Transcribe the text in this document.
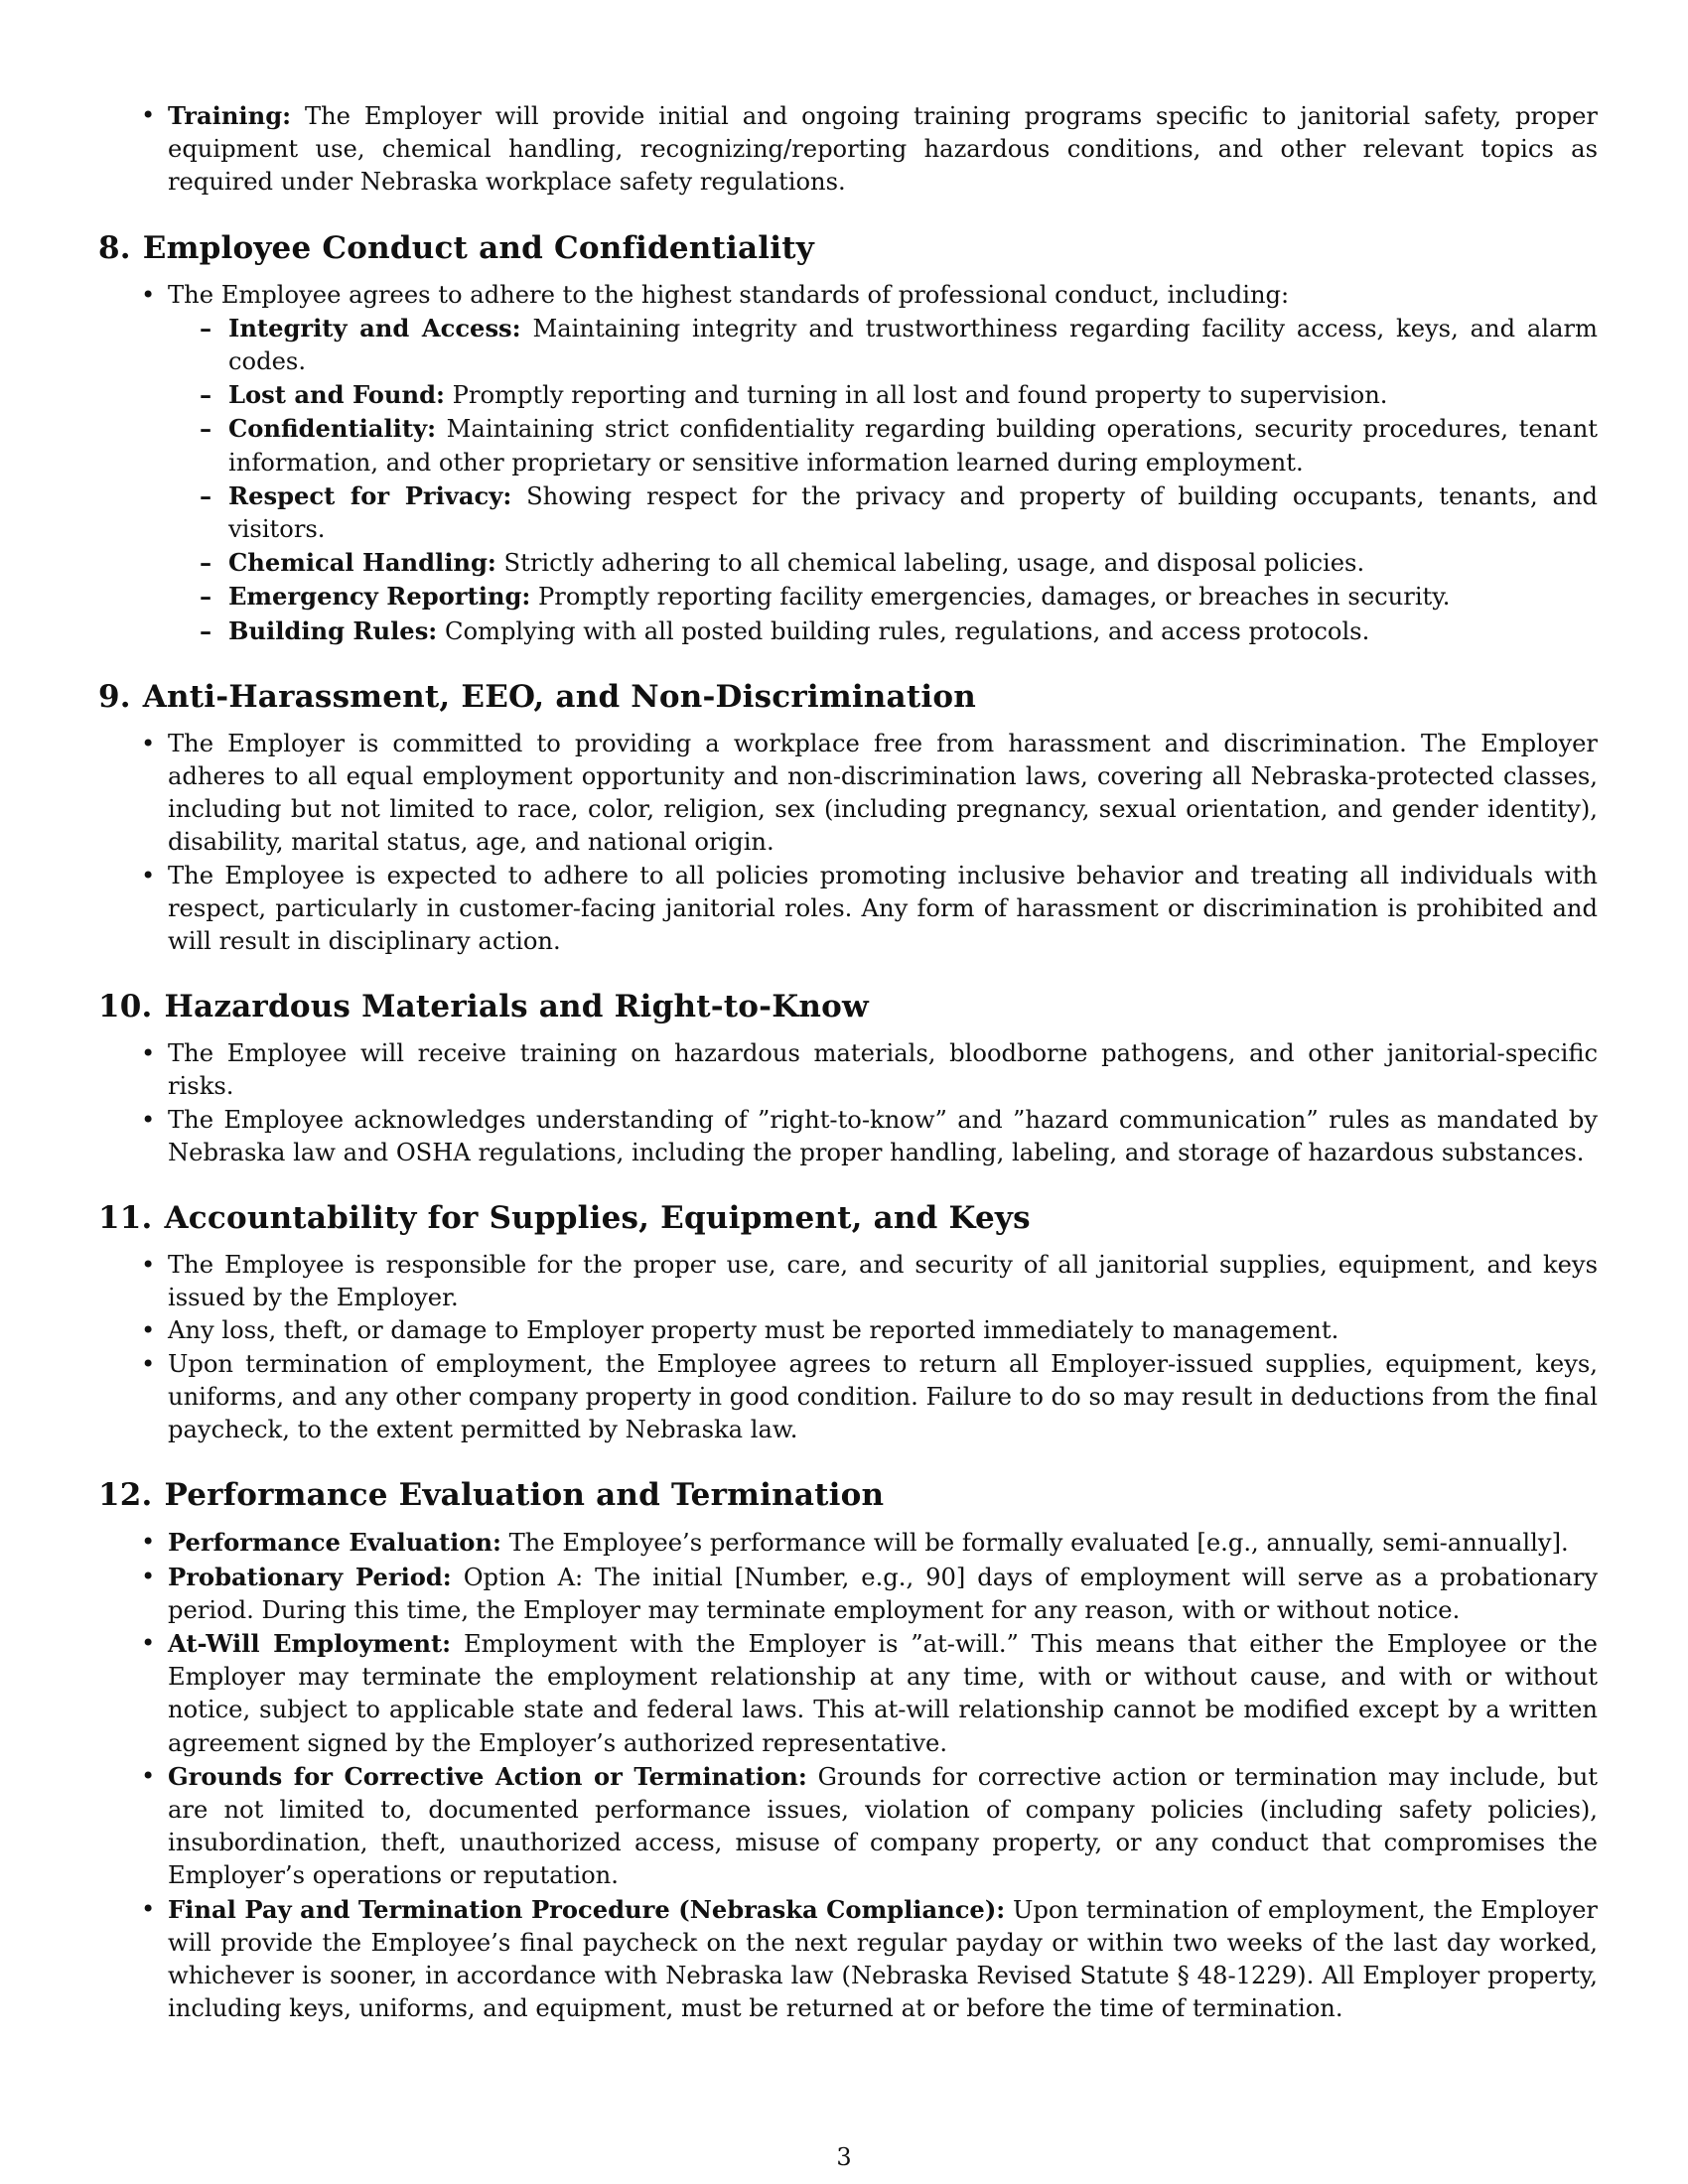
• Training: The Employer will provide initial and ongoing training programs specific to janitorial safety, proper equipment use, chemical handling, recognizing/reporting hazardous conditions, and other relevant topics as required under Nebraska workplace safety regulations.
8. Employee Conduct and Confidentiality
• The Employee agrees to adhere to the highest standards of professional conduct, including:
– Integrity and Access: Maintaining integrity and trustworthiness regarding facility access, keys, and alarm codes.
– Lost and Found: Promptly reporting and turning in all lost and found property to supervision.
– Confidentiality: Maintaining strict confidentiality regarding building operations, security procedures, tenant information, and other proprietary or sensitive information learned during employment.
– Respect for Privacy: Showing respect for the privacy and property of building occupants, tenants, and visitors.
– Chemical Handling: Strictly adhering to all chemical labeling, usage, and disposal policies.
– Emergency Reporting: Promptly reporting facility emergencies, damages, or breaches in security.
– Building Rules: Complying with all posted building rules, regulations, and access protocols.
9. Anti-Harassment, EEO, and Non-Discrimination
• The Employer is committed to providing a workplace free from harassment and discrimination. The Employer adheres to all equal employment opportunity and non-discrimination laws, covering all Nebraska-protected classes, including but not limited to race, color, religion, sex (including pregnancy, sexual orientation, and gender identity), disability, marital status, age, and national origin.
• The Employee is expected to adhere to all policies promoting inclusive behavior and treating all individuals with respect, particularly in customer-facing janitorial roles. Any form of harassment or discrimination is prohibited and will result in disciplinary action.
10. Hazardous Materials and Right-to-Know
• The Employee will receive training on hazardous materials, bloodborne pathogens, and other janitorial-specific risks.
• The Employee acknowledges understanding of ”right-to-know” and ”hazard communication” rules as mandated by Nebraska law and OSHA regulations, including the proper handling, labeling, and storage of hazardous substances.
11. Accountability for Supplies, Equipment, and Keys
• The Employee is responsible for the proper use, care, and security of all janitorial supplies, equipment, and keys issued by the Employer.
• Any loss, theft, or damage to Employer property must be reported immediately to management.
• Upon termination of employment, the Employee agrees to return all Employer-issued supplies, equipment, keys, uniforms, and any other company property in good condition. Failure to do so may result in deductions from the final paycheck, to the extent permitted by Nebraska law.
12. Performance Evaluation and Termination
• Performance Evaluation: The Employee’s performance will be formally evaluated [e.g., annually, semi-annually].
• Probationary Period: Option A: The initial [Number, e.g., 90] days of employment will serve as a probationary period. During this time, the Employer may terminate employment for any reason, with or without notice.
• At-Will Employment: Employment with the Employer is ”at-will.” This means that either the Employee or the Employer may terminate the employment relationship at any time, with or without cause, and with or without notice, subject to applicable state and federal laws. This at-will relationship cannot be modified except by a written agreement signed by the Employer’s authorized representative.
• Grounds for Corrective Action or Termination: Grounds for corrective action or termination may include, but are not limited to, documented performance issues, violation of company policies (including safety policies), insubordination, theft, unauthorized access, misuse of company property, or any conduct that compromises the Employer’s operations or reputation.
• Final Pay and Termination Procedure (Nebraska Compliance): Upon termination of employment, the Employer will provide the Employee’s final paycheck on the next regular payday or within two weeks of the last day worked, whichever is sooner, in accordance with Nebraska law (Nebraska Revised Statute § 48-1229). All Employer property, including keys, uniforms, and equipment, must be returned at or before the time of termination.
3
